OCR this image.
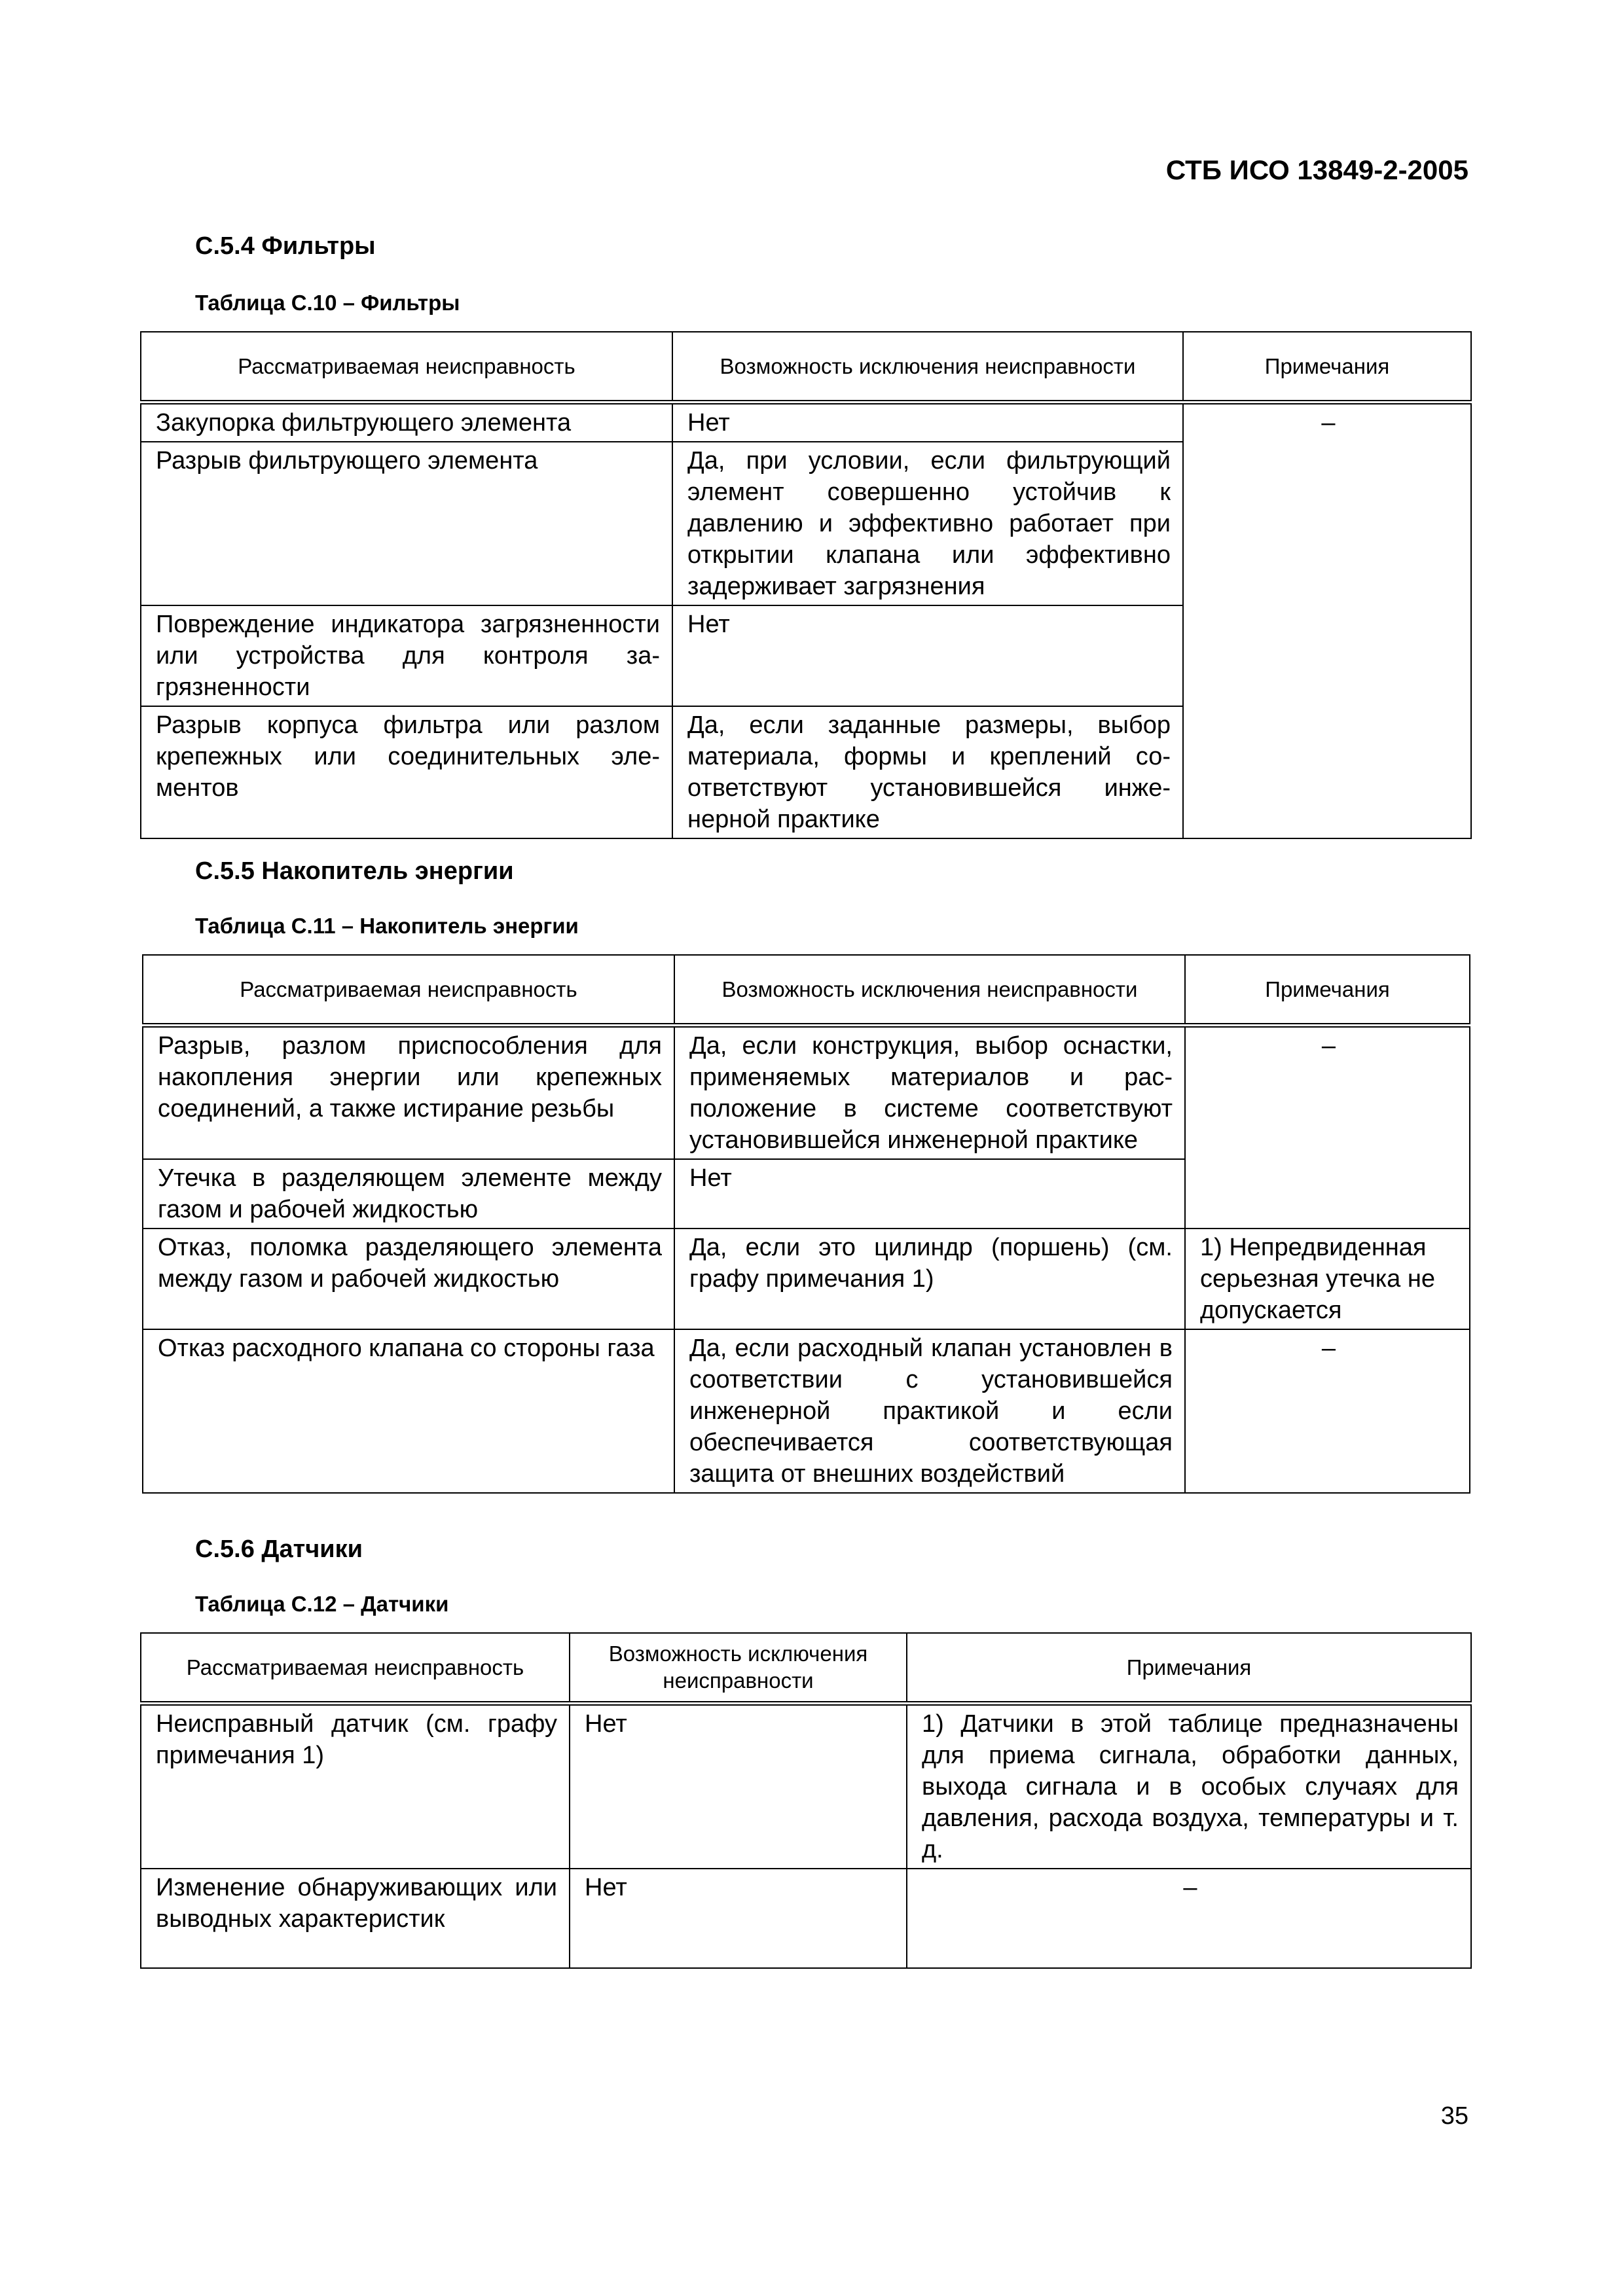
СТБ ИСО 13849-2-2005
С.5.4 Фильтры
Таблица С.10 – Фильтры
Рассматриваемая неисправность	Возможность исключения неисправности	Примечания
Закупорка фильтрующего элемента	Нет	–
Разрыв фильтрующего элемента	Да, при условии, если фильтрующий элемент совершенно устойчив к давлению и эффективно работает при открытии клапана или эффективно задерживает загрязнения	
Повреждение индикатора загрязненности или устройства для контроля загрязненности	Нет	
Разрыв корпуса фильтра или разлом крепежных или соединительных элементов	Да, если заданные размеры, выбор материала, формы и креплений соответствуют установившейся инженерной практике	
С.5.5 Накопитель энергии
Таблица С.11 – Накопитель энергии
Рассматриваемая неисправность	Возможность исключения неисправности	Примечания
Разрыв, разлом приспособления для накопления энергии или крепежных соединений, а также истирание резьбы	Да, если конструкция, выбор оснастки, применяемых материалов и расположение в системе соответствуют установившейся инженерной практике	–
Утечка в разделяющем элементе между газом и рабочей жидкостью	Нет	
Отказ, поломка разделяющего элемента между газом и рабочей жидкостью	Да, если это цилиндр (поршень) (см. графу примечания 1)	1) Непредвиденная серьезная утечка не допускается
Отказ расходного клапана со стороны газа	Да, если расходный клапан установлен в соответствии с установившейся инженерной практикой и если обеспечивается соответствующая защита от внешних воздействий	–
С.5.6 Датчики
Таблица С.12 – Датчики
Рассматриваемая неисправность	Возможность исключения неисправности	Примечания
Неисправный датчик (см. графу примечания 1)	Нет	1) Датчики в этой таблице предназначены для приема сигнала, обработки данных, выхода сигнала и в особых случаях для давления, расхода воздуха, температуры и т. д.
Изменение обнаруживающих или выводных характеристик	Нет	–
35
